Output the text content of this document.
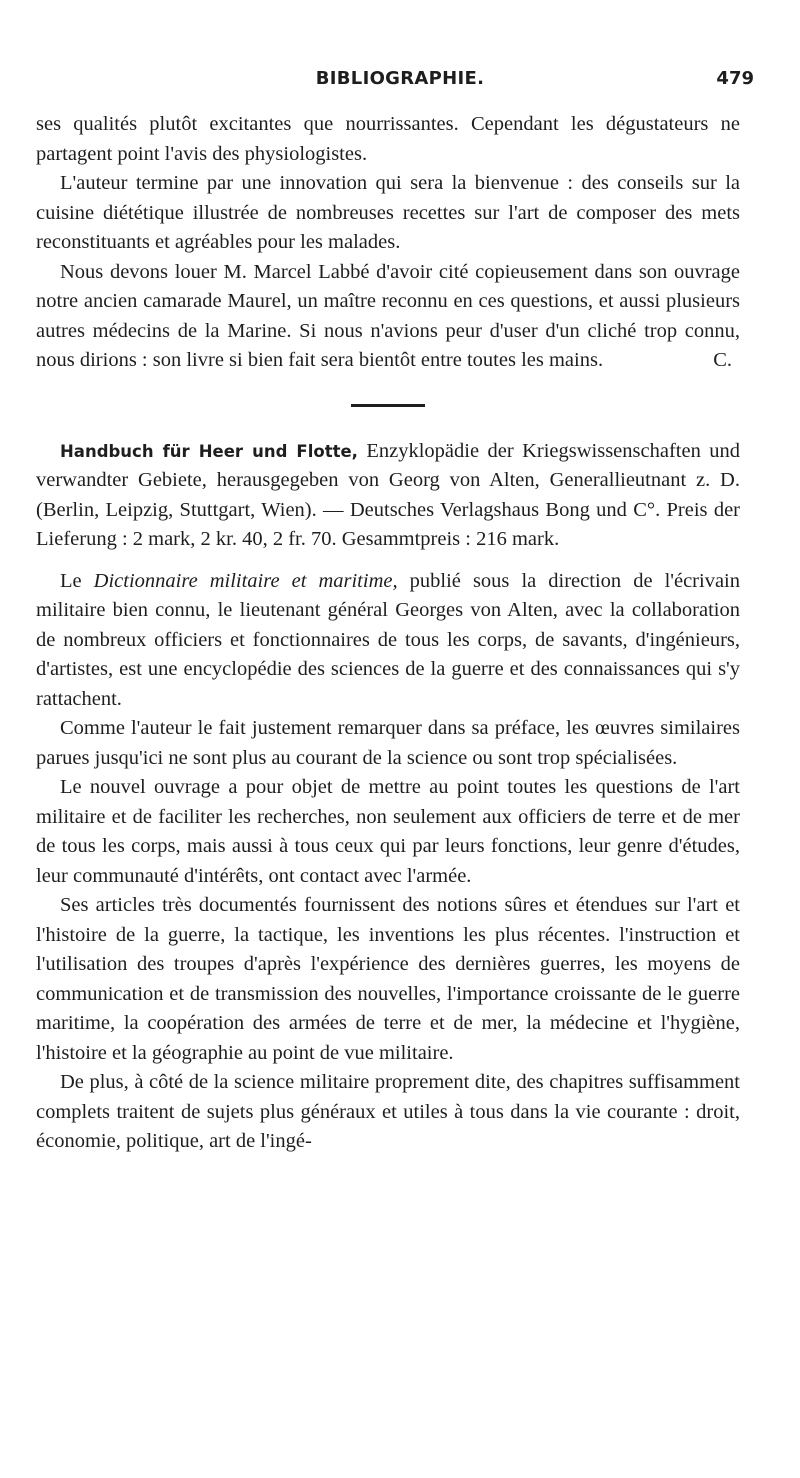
BIBLIOGRAPHIE.	479

ses qualités plutôt excitantes que nourrissantes. Cependant les dégustateurs ne partagent point l'avis des physiologistes.

L'auteur termine par une innovation qui sera la bienvenue : des conseils sur la cuisine diététique illustrée de nombreuses recettes sur l'art de composer des mets reconstituants et agréables pour les malades.

Nous devons louer M. Marcel Labbé d'avoir cité copieusement dans son ouvrage notre ancien camarade Maurel, un maître reconnu en ces questions, et aussi plusieurs autres médecins de la Marine. Si nous n'avions peur d'user d'un cliché trop connu, nous dirions : son livre si bien fait sera bientôt entre toutes les mains.	C.

Handbuch für Heer und Flotte, Enzyklopädie der Kriegswissenschaften und verwandter Gebiete, herausgegeben von Georg von Alten, Generallieutnant z. D. (Berlin, Leipzig, Stuttgart, Wien). — Deutsches Verlagshaus Bong und C°. Preis der Lieferung : 2 mark, 2 kr. 40, 2 fr. 70. Gesammtpreis : 216 mark.

Le Dictionnaire militaire et maritime, publié sous la direction de l'écrivain militaire bien connu, le lieutenant général Georges von Alten, avec la collaboration de nombreux officiers et fonctionnaires de tous les corps, de savants, d'ingénieurs, d'artistes, est une encyclopédie des sciences de la guerre et des connaissances qui s'y rattachent.

Comme l'auteur le fait justement remarquer dans sa préface, les œuvres similaires parues jusqu'ici ne sont plus au courant de la science ou sont trop spécialisées.

Le nouvel ouvrage a pour objet de mettre au point toutes les questions de l'art militaire et de faciliter les recherches, non seulement aux officiers de terre et de mer de tous les corps, mais aussi à tous ceux qui par leurs fonctions, leur genre d'études, leur communauté d'intérêts, ont contact avec l'armée.

Ses articles très documentés fournissent des notions sûres et étendues sur l'art et l'histoire de la guerre, la tactique, les inventions les plus récentes. l'instruction et l'utilisation des troupes d'après l'expérience des dernières guerres, les moyens de communication et de transmission des nouvelles, l'importance croissante de le guerre maritime, la coopération des armées de terre et de mer, la médecine et l'hygiène, l'histoire et la géographie au point de vue militaire.

De plus, à côté de la science militaire proprement dite, des chapitres suffisamment complets traitent de sujets plus généraux et utiles à tous dans la vie courante : droit, économie, politique, art de l'ingé-
